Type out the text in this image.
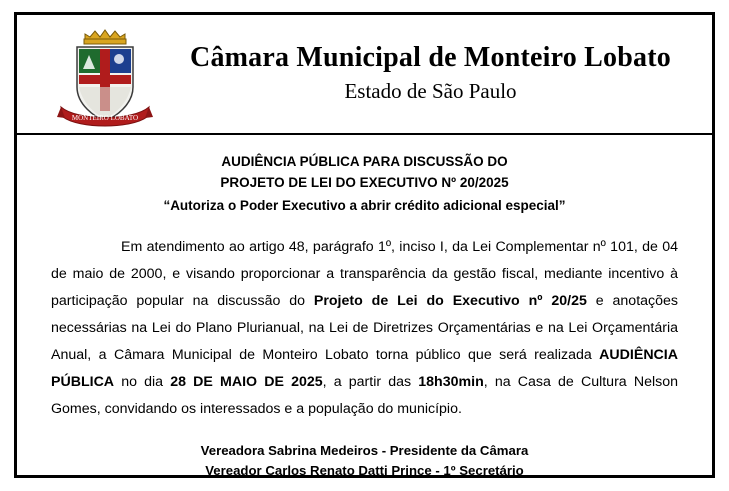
MONTEIRO LOBATO
Câmara Municipal de Monteiro Lobato
Estado de São Paulo
AUDIÊNCIA PÚBLICA PARA DISCUSSÃO DO
PROJETO DE LEI DO EXECUTIVO Nº 20/2025
“Autoriza o Poder Executivo a abrir crédito adicional especial”
Em atendimento ao artigo 48, parágrafo 1º, inciso I, da Lei Complementar nº 101, de 04 de maio de 2000, e visando proporcionar a transparência da gestão fiscal, mediante incentivo à participação popular na discussão do Projeto de Lei do Executivo nº 20/25 e anotações necessárias na Lei do Plano Plurianual, na Lei de Diretrizes Orçamentárias e na Lei Orçamentária Anual, a Câmara Municipal de Monteiro Lobato torna público que será realizada AUDIÊNCIA PÚBLICA no dia 28 DE MAIO DE 2025, a partir das 18h30min, na Casa de Cultura Nelson Gomes, convidando os interessados e a população do município.
Vereadora Sabrina Medeiros - Presidente da Câmara
Vereador Carlos Renato Datti Prince - 1º Secretário
